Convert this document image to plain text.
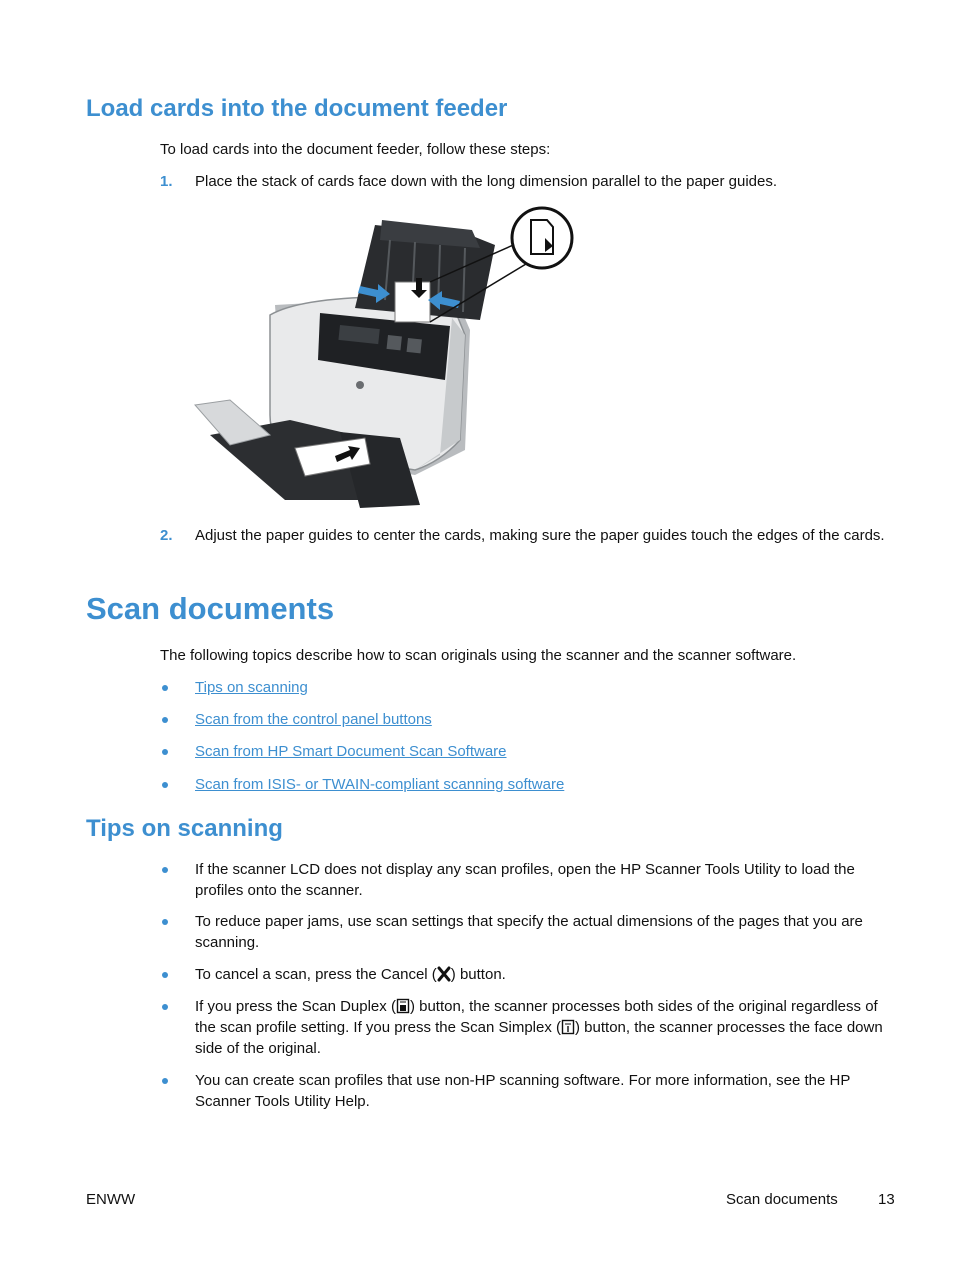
Load cards into the document feeder
To load cards into the document feeder, follow these steps:
1. Place the stack of cards face down with the long dimension parallel to the paper guides.
2. Adjust the paper guides to center the cards, making sure the paper guides touch the edges of the cards.
Scan documents
The following topics describe how to scan originals using the scanner and the scanner software.
Tips on scanning
Scan from the control panel buttons
Scan from HP Smart Document Scan Software
Scan from ISIS- or TWAIN-compliant scanning software
Tips on scanning
If the scanner LCD does not display any scan profiles, open the HP Scanner Tools Utility to load the profiles onto the scanner.
To reduce paper jams, use scan settings that specify the actual dimensions of the pages that you are scanning.
To cancel a scan, press the Cancel ( ) button.
If you press the Scan Duplex ( ) button, the scanner processes both sides of the original regardless of the scan profile setting. If you press the Scan Simplex ( ) button, the scanner processes the face down side of the original.
You can create scan profiles that use non-HP scanning software. For more information, see the HP Scanner Tools Utility Help.
ENWW	Scan documents	13
